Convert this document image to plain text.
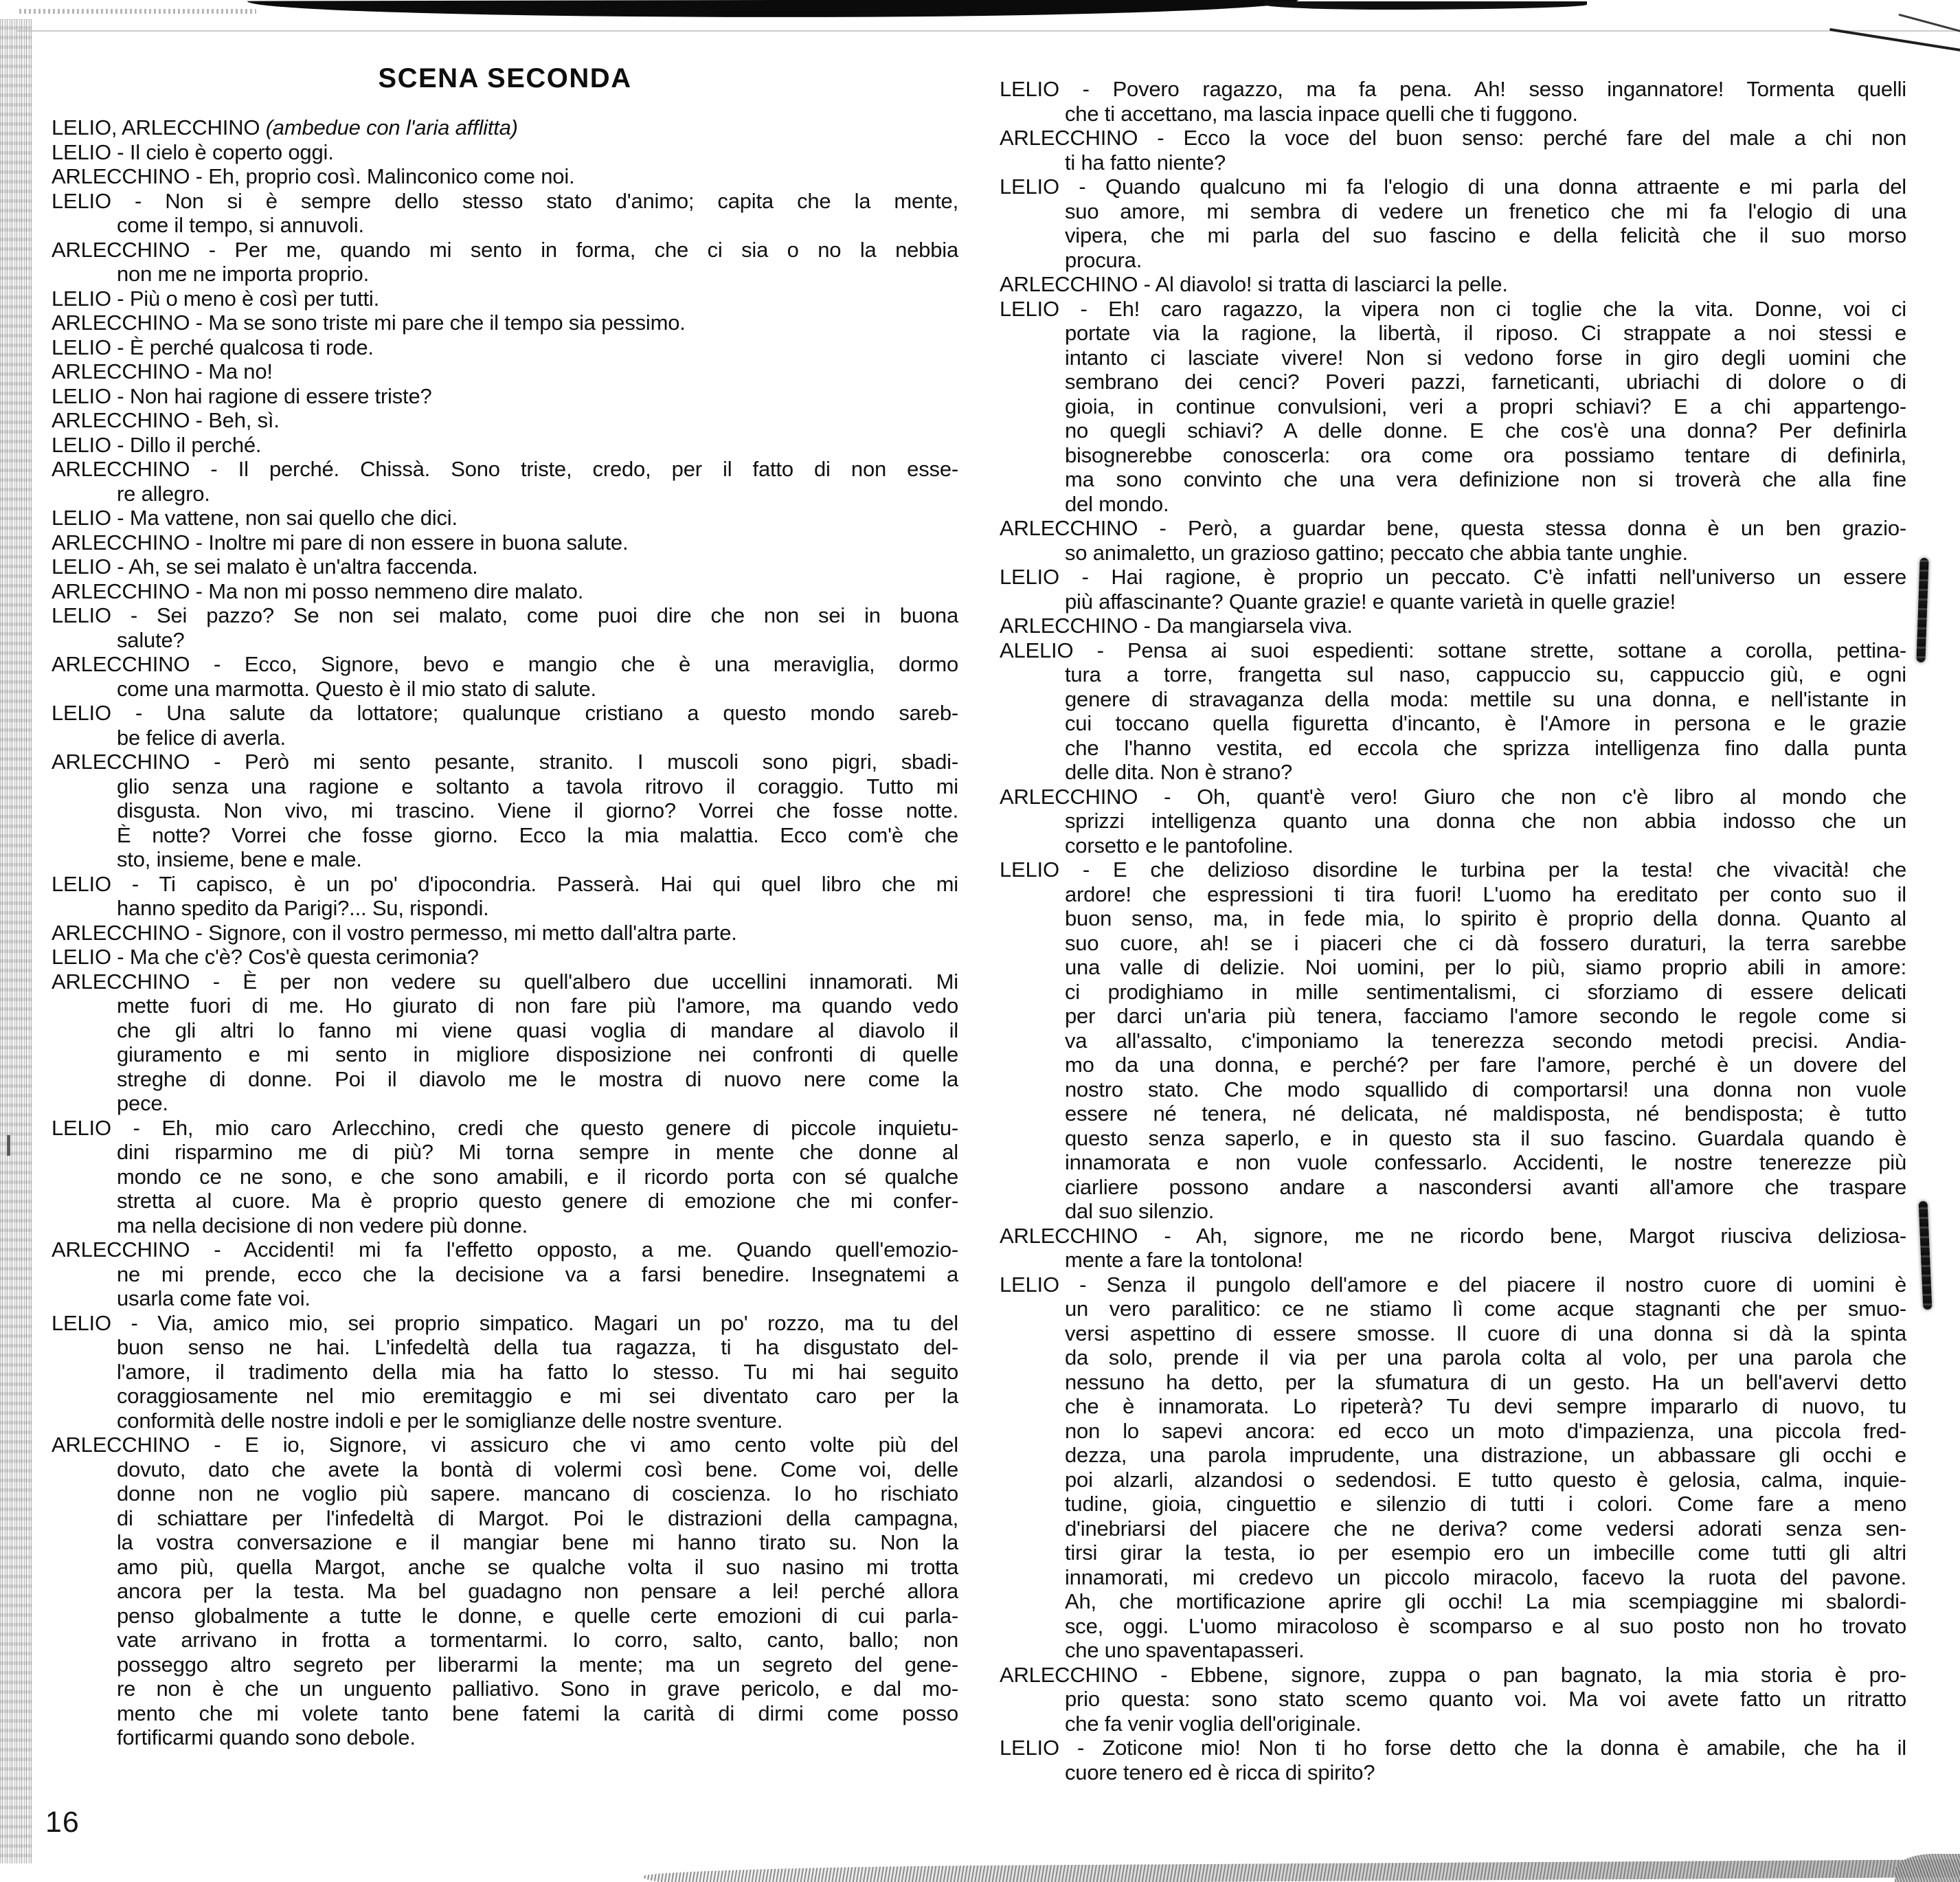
SCENA SECONDA
LELIO, ARLECCHINO (ambedue con l'aria afflitta)
LELIO - Il cielo è coperto oggi.
ARLECCHINO - Eh, proprio così. Malinconico come noi.
LELIO - Non si è sempre dello stesso stato d'animo; capita che la mente,
come il tempo, si annuvoli.
ARLECCHINO - Per me, quando mi sento in forma, che ci sia o no la nebbia
non me ne importa proprio.
LELIO - Più o meno è così per tutti.
ARLECCHINO - Ma se sono triste mi pare che il tempo sia pessimo.
LELIO - È perché qualcosa ti rode.
ARLECCHINO - Ma no!
LELIO - Non hai ragione di essere triste?
ARLECCHINO - Beh, sì.
LELIO - Dillo il perché.
ARLECCHINO - Il perché. Chissà. Sono triste, credo, per il fatto di non esse-
re allegro.
LELIO - Ma vattene, non sai quello che dici.
ARLECCHINO - Inoltre mi pare di non essere in buona salute.
LELIO - Ah, se sei malato è un'altra faccenda.
ARLECCHINO - Ma non mi posso nemmeno dire malato.
LELIO - Sei pazzo? Se non sei malato, come puoi dire che non sei in buona
salute?
ARLECCHINO - Ecco, Signore, bevo e mangio che è una meraviglia, dormo
come una marmotta. Questo è il mio stato di salute.
LELIO - Una salute da lottatore; qualunque cristiano a questo mondo sareb-
be felice di averla.
ARLECCHINO - Però mi sento pesante, stranito. I muscoli sono pigri, sbadi-
glio senza una ragione e soltanto a tavola ritrovo il coraggio. Tutto mi
disgusta. Non vivo, mi trascino. Viene il giorno? Vorrei che fosse notte.
È notte? Vorrei che fosse giorno. Ecco la mia malattia. Ecco com'è che
sto, insieme, bene e male.
LELIO - Ti capisco, è un po' d'ipocondria. Passerà. Hai qui quel libro che mi
hanno spedito da Parigi?... Su, rispondi.
ARLECCHINO - Signore, con il vostro permesso, mi metto dall'altra parte.
LELIO - Ma che c'è? Cos'è questa cerimonia?
ARLECCHINO - È per non vedere su quell'albero due uccellini innamorati. Mi
mette fuori di me. Ho giurato di non fare più l'amore, ma quando vedo
che gli altri lo fanno mi viene quasi voglia di mandare al diavolo il
giuramento e mi sento in migliore disposizione nei confronti di quelle
streghe di donne. Poi il diavolo me le mostra di nuovo nere come la
pece.
LELIO - Eh, mio caro Arlecchino, credi che questo genere di piccole inquietu-
dini risparmino me di più? Mi torna sempre in mente che donne al
mondo ce ne sono, e che sono amabili, e il ricordo porta con sé qualche
stretta al cuore. Ma è proprio questo genere di emozione che mi confer-
ma nella decisione di non vedere più donne.
ARLECCHINO - Accidenti! mi fa l'effetto opposto, a me. Quando quell'emozio-
ne mi prende, ecco che la decisione va a farsi benedire. Insegnatemi a
usarla come fate voi.
LELIO - Via, amico mio, sei proprio simpatico. Magari un po' rozzo, ma tu del
buon senso ne hai. L'infedeltà della tua ragazza, ti ha disgustato del-
l'amore, il tradimento della mia ha fatto lo stesso. Tu mi hai seguito
coraggiosamente nel mio eremitaggio e mi sei diventato caro per la
conformità delle nostre indoli e per le somiglianze delle nostre sventure.
ARLECCHINO - E io, Signore, vi assicuro che vi amo cento volte più del
dovuto, dato che avete la bontà di volermi così bene. Come voi, delle
donne non ne voglio più sapere. mancano di coscienza. Io ho rischiato
di schiattare per l'infedeltà di Margot. Poi le distrazioni della campagna,
la vostra conversazione e il mangiar bene mi hanno tirato su. Non la
amo più, quella Margot, anche se qualche volta il suo nasino mi trotta
ancora per la testa. Ma bel guadagno non pensare a lei! perché allora
penso globalmente a tutte le donne, e quelle certe emozioni di cui parla-
vate arrivano in frotta a tormentarmi. Io corro, salto, canto, ballo; non
posseggo altro segreto per liberarmi la mente; ma un segreto del gene-
re non è che un unguento palliativo. Sono in grave pericolo, e dal mo-
mento che mi volete tanto bene fatemi la carità di dirmi come posso
fortificarmi quando sono debole.
LELIO - Povero ragazzo, ma fa pena. Ah! sesso ingannatore! Tormenta quelli
che ti accettano, ma lascia inpace quelli che ti fuggono.
ARLECCHINO - Ecco la voce del buon senso: perché fare del male a chi non
ti ha fatto niente?
LELIO - Quando qualcuno mi fa l'elogio di una donna attraente e mi parla del
suo amore, mi sembra di vedere un frenetico che mi fa l'elogio di una
vipera, che mi parla del suo fascino e della felicità che il suo morso
procura.
ARLECCHINO - Al diavolo! si tratta di lasciarci la pelle.
LELIO - Eh! caro ragazzo, la vipera non ci toglie che la vita. Donne, voi ci
portate via la ragione, la libertà, il riposo. Ci strappate a noi stessi e
intanto ci lasciate vivere! Non si vedono forse in giro degli uomini che
sembrano dei cenci? Poveri pazzi, farneticanti, ubriachi di dolore o di
gioia, in continue convulsioni, veri a propri schiavi? E a chi appartengo-
no quegli schiavi? A delle donne. E che cos'è una donna? Per definirla
bisognerebbe conoscerla: ora come ora possiamo tentare di definirla,
ma sono convinto che una vera definizione non si troverà che alla fine
del mondo.
ARLECCHINO - Però, a guardar bene, questa stessa donna è un ben grazio-
so animaletto, un grazioso gattino; peccato che abbia tante unghie.
LELIO - Hai ragione, è proprio un peccato. C'è infatti nell'universo un essere
più affascinante? Quante grazie! e quante varietà in quelle grazie!
ARLECCHINO - Da mangiarsela viva.
ALELIO - Pensa ai suoi espedienti: sottane strette, sottane a corolla, pettina-
tura a torre, frangetta sul naso, cappuccio su, cappuccio giù, e ogni
genere di stravaganza della moda: mettile su una donna, e nell'istante in
cui toccano quella figuretta d'incanto, è l'Amore in persona e le grazie
che l'hanno vestita, ed eccola che sprizza intelligenza fino dalla punta
delle dita. Non è strano?
ARLECCHINO - Oh, quant'è vero! Giuro che non c'è libro al mondo che
sprizzi intelligenza quanto una donna che non abbia indosso che un
corsetto e le pantofoline.
LELIO - E che delizioso disordine le turbina per la testa! che vivacità! che
ardore! che espressioni ti tira fuori! L'uomo ha ereditato per conto suo il
buon senso, ma, in fede mia, lo spirito è proprio della donna. Quanto al
suo cuore, ah! se i piaceri che ci dà fossero duraturi, la terra sarebbe
una valle di delizie. Noi uomini, per lo più, siamo proprio abili in amore:
ci prodighiamo in mille sentimentalismi, ci sforziamo di essere delicati
per darci un'aria più tenera, facciamo l'amore secondo le regole come si
va all'assalto, c'imponiamo la tenerezza secondo metodi precisi. Andia-
mo da una donna, e perché? per fare l'amore, perché è un dovere del
nostro stato. Che modo squallido di comportarsi! una donna non vuole
essere né tenera, né delicata, né maldisposta, né bendisposta; è tutto
questo senza saperlo, e in questo sta il suo fascino. Guardala quando è
innamorata e non vuole confessarlo. Accidenti, le nostre tenerezze più
ciarliere possono andare a nascondersi avanti all'amore che traspare
dal suo silenzio.
ARLECCHINO - Ah, signore, me ne ricordo bene, Margot riusciva deliziosa-
mente a fare la tontolona!
LELIO - Senza il pungolo dell'amore e del piacere il nostro cuore di uomini è
un vero paralitico: ce ne stiamo lì come acque stagnanti che per smuo-
versi aspettino di essere smosse. Il cuore di una donna si dà la spinta
da solo, prende il via per una parola colta al volo, per una parola che
nessuno ha detto, per la sfumatura di un gesto. Ha un bell'avervi detto
che è innamorata. Lo ripeterà? Tu devi sempre impararlo di nuovo, tu
non lo sapevi ancora: ed ecco un moto d'impazienza, una piccola fred-
dezza, una parola imprudente, una distrazione, un abbassare gli occhi e
poi alzarli, alzandosi o sedendosi. E tutto questo è gelosia, calma, inquie-
tudine, gioia, cinguettio e silenzio di tutti i colori. Come fare a meno
d'inebriarsi del piacere che ne deriva? come vedersi adorati senza sen-
tirsi girar la testa, io per esempio ero un imbecille come tutti gli altri
innamorati, mi credevo un piccolo miracolo, facevo la ruota del pavone.
Ah, che mortificazione aprire gli occhi! La mia scempiaggine mi sbalordi-
sce, oggi. L'uomo miracoloso è scomparso e al suo posto non ho trovato
che uno spaventapasseri.
ARLECCHINO - Ebbene, signore, zuppa o pan bagnato, la mia storia è pro-
prio questa: sono stato scemo quanto voi. Ma voi avete fatto un ritratto
che fa venir voglia dell'originale.
LELIO - Zoticone mio! Non ti ho forse detto che la donna è amabile, che ha il
cuore tenero ed è ricca di spirito?
16
